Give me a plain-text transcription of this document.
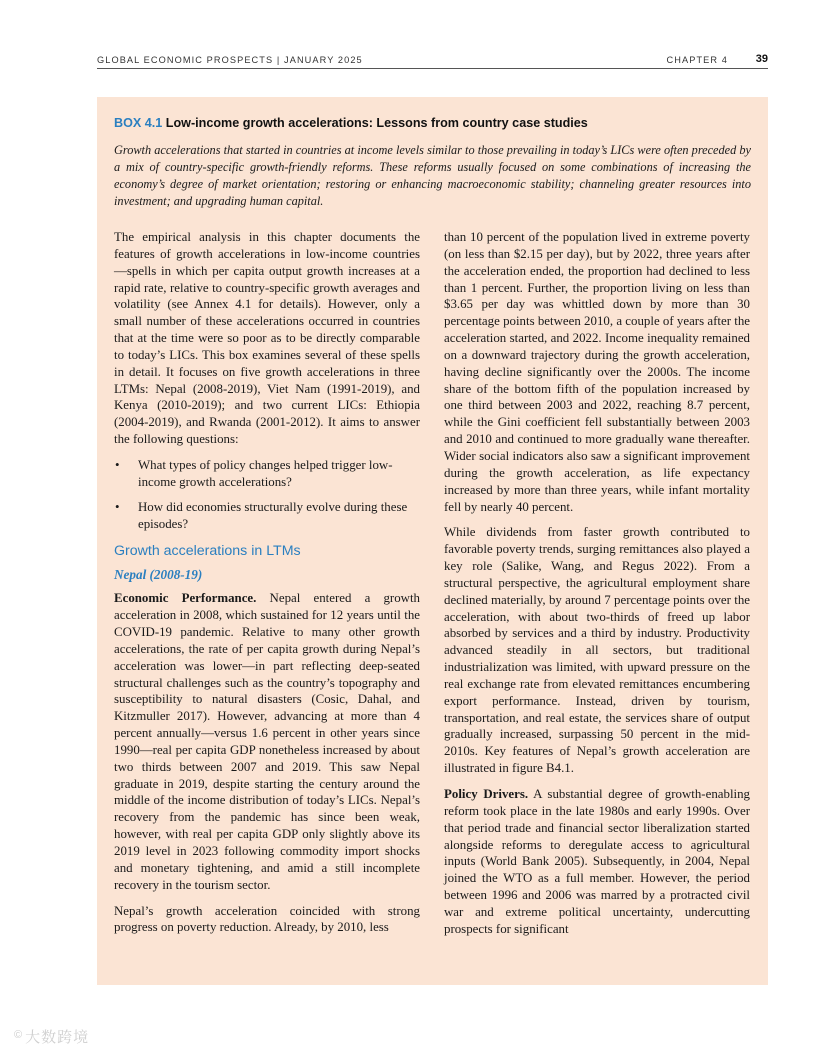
GLOBAL ECONOMIC PROSPECTS | JANUARY 2025	CHAPTER 4	39
BOX 4.1 Low-income growth accelerations: Lessons from country case studies
Growth accelerations that started in countries at income levels similar to those prevailing in today’s LICs were often preceded by a mix of country-specific growth-friendly reforms. These reforms usually focused on some combinations of increasing the economy’s degree of market orientation; restoring or enhancing macroeconomic stability; channeling greater resources into investment; and upgrading human capital.

The empirical analysis in this chapter documents the features of growth accelerations in low-income countries—spells in which per capita output growth increases at a rapid rate, relative to country-specific growth averages and volatility (see Annex 4.1 for details). However, only a small number of these accelerations occurred in countries that at the time were so poor as to be directly comparable to today’s LICs. This box examines several of these spells in detail. It focuses on five growth accelerations in three LTMs: Nepal (2008-2019), Viet Nam (1991-2019), and Kenya (2010-2019); and two current LICs: Ethiopia (2004-2019), and Rwanda (2001-2012). It aims to answer the following questions:

• What types of policy changes helped trigger low-income growth accelerations?
• How did economies structurally evolve during these episodes?
Growth accelerations in LTMs
Nepal (2008-19)

Economic Performance. Nepal entered a growth acceleration in 2008, which sustained for 12 years until the COVID-19 pandemic. Relative to many other growth accelerations, the rate of per capita growth during Nepal’s acceleration was lower—in part reflecting deep-seated structural challenges such as the country’s topography and susceptibility to natural disasters (Cosic, Dahal, and Kitzmuller 2017). However, advancing at more than 4 percent annually—versus 1.6 percent in other years since 1990—real per capita GDP nonetheless increased by about two thirds between 2007 and 2019. This saw Nepal graduate in 2019, despite starting the century around the middle of the income distribution of today’s LICs. Nepal’s recovery from the pandemic has since been weak, however, with real per capita GDP only slightly above its 2019 level in 2023 following commodity import shocks and monetary tightening, and amid a still incomplete recovery in the tourism sector.

Nepal’s growth acceleration coincided with strong progress on poverty reduction. Already, by 2010, less

than 10 percent of the population lived in extreme poverty (on less than $2.15 per day), but by 2022, three years after the acceleration ended, the proportion had declined to less than 1 percent. Further, the proportion living on less than $3.65 per day was whittled down by more than 30 percentage points between 2010, a couple of years after the acceleration started, and 2022. Income inequality remained on a downward trajectory during the growth acceleration, having decline significantly over the 2000s. The income share of the bottom fifth of the population increased by one third between 2003 and 2022, reaching 8.7 percent, while the Gini coefficient fell substantially between 2003 and 2010 and continued to more gradually wane thereafter. Wider social indicators also saw a significant improvement during the growth acceleration, as life expectancy increased by more than three years, while infant mortality fell by nearly 40 percent.

While dividends from faster growth contributed to favorable poverty trends, surging remittances also played a key role (Salike, Wang, and Regus 2022). From a structural perspective, the agricultural employment share declined materially, by around 7 percentage points over the acceleration, with about two-thirds of freed up labor absorbed by services and a third by industry. Productivity advanced steadily in all sectors, but traditional industrialization was limited, with upward pressure on the real exchange rate from elevated remittances encumbering export performance. Instead, driven by tourism, transportation, and real estate, the services share of output gradually increased, surpassing 50 percent in the mid-2010s. Key features of Nepal’s growth acceleration are illustrated in figure B4.1.

Policy Drivers. A substantial degree of growth-enabling reform took place in the late 1980s and early 1990s. Over that period trade and financial sector liberalization started alongside reforms to deregulate access to agricultural inputs (World Bank 2005). Subsequently, in 2004, Nepal joined the WTO as a full member. However, the period between 1996 and 2006 was marred by a protracted civil war and extreme political uncertainty, undercutting prospects for significant

© 大数跨境
